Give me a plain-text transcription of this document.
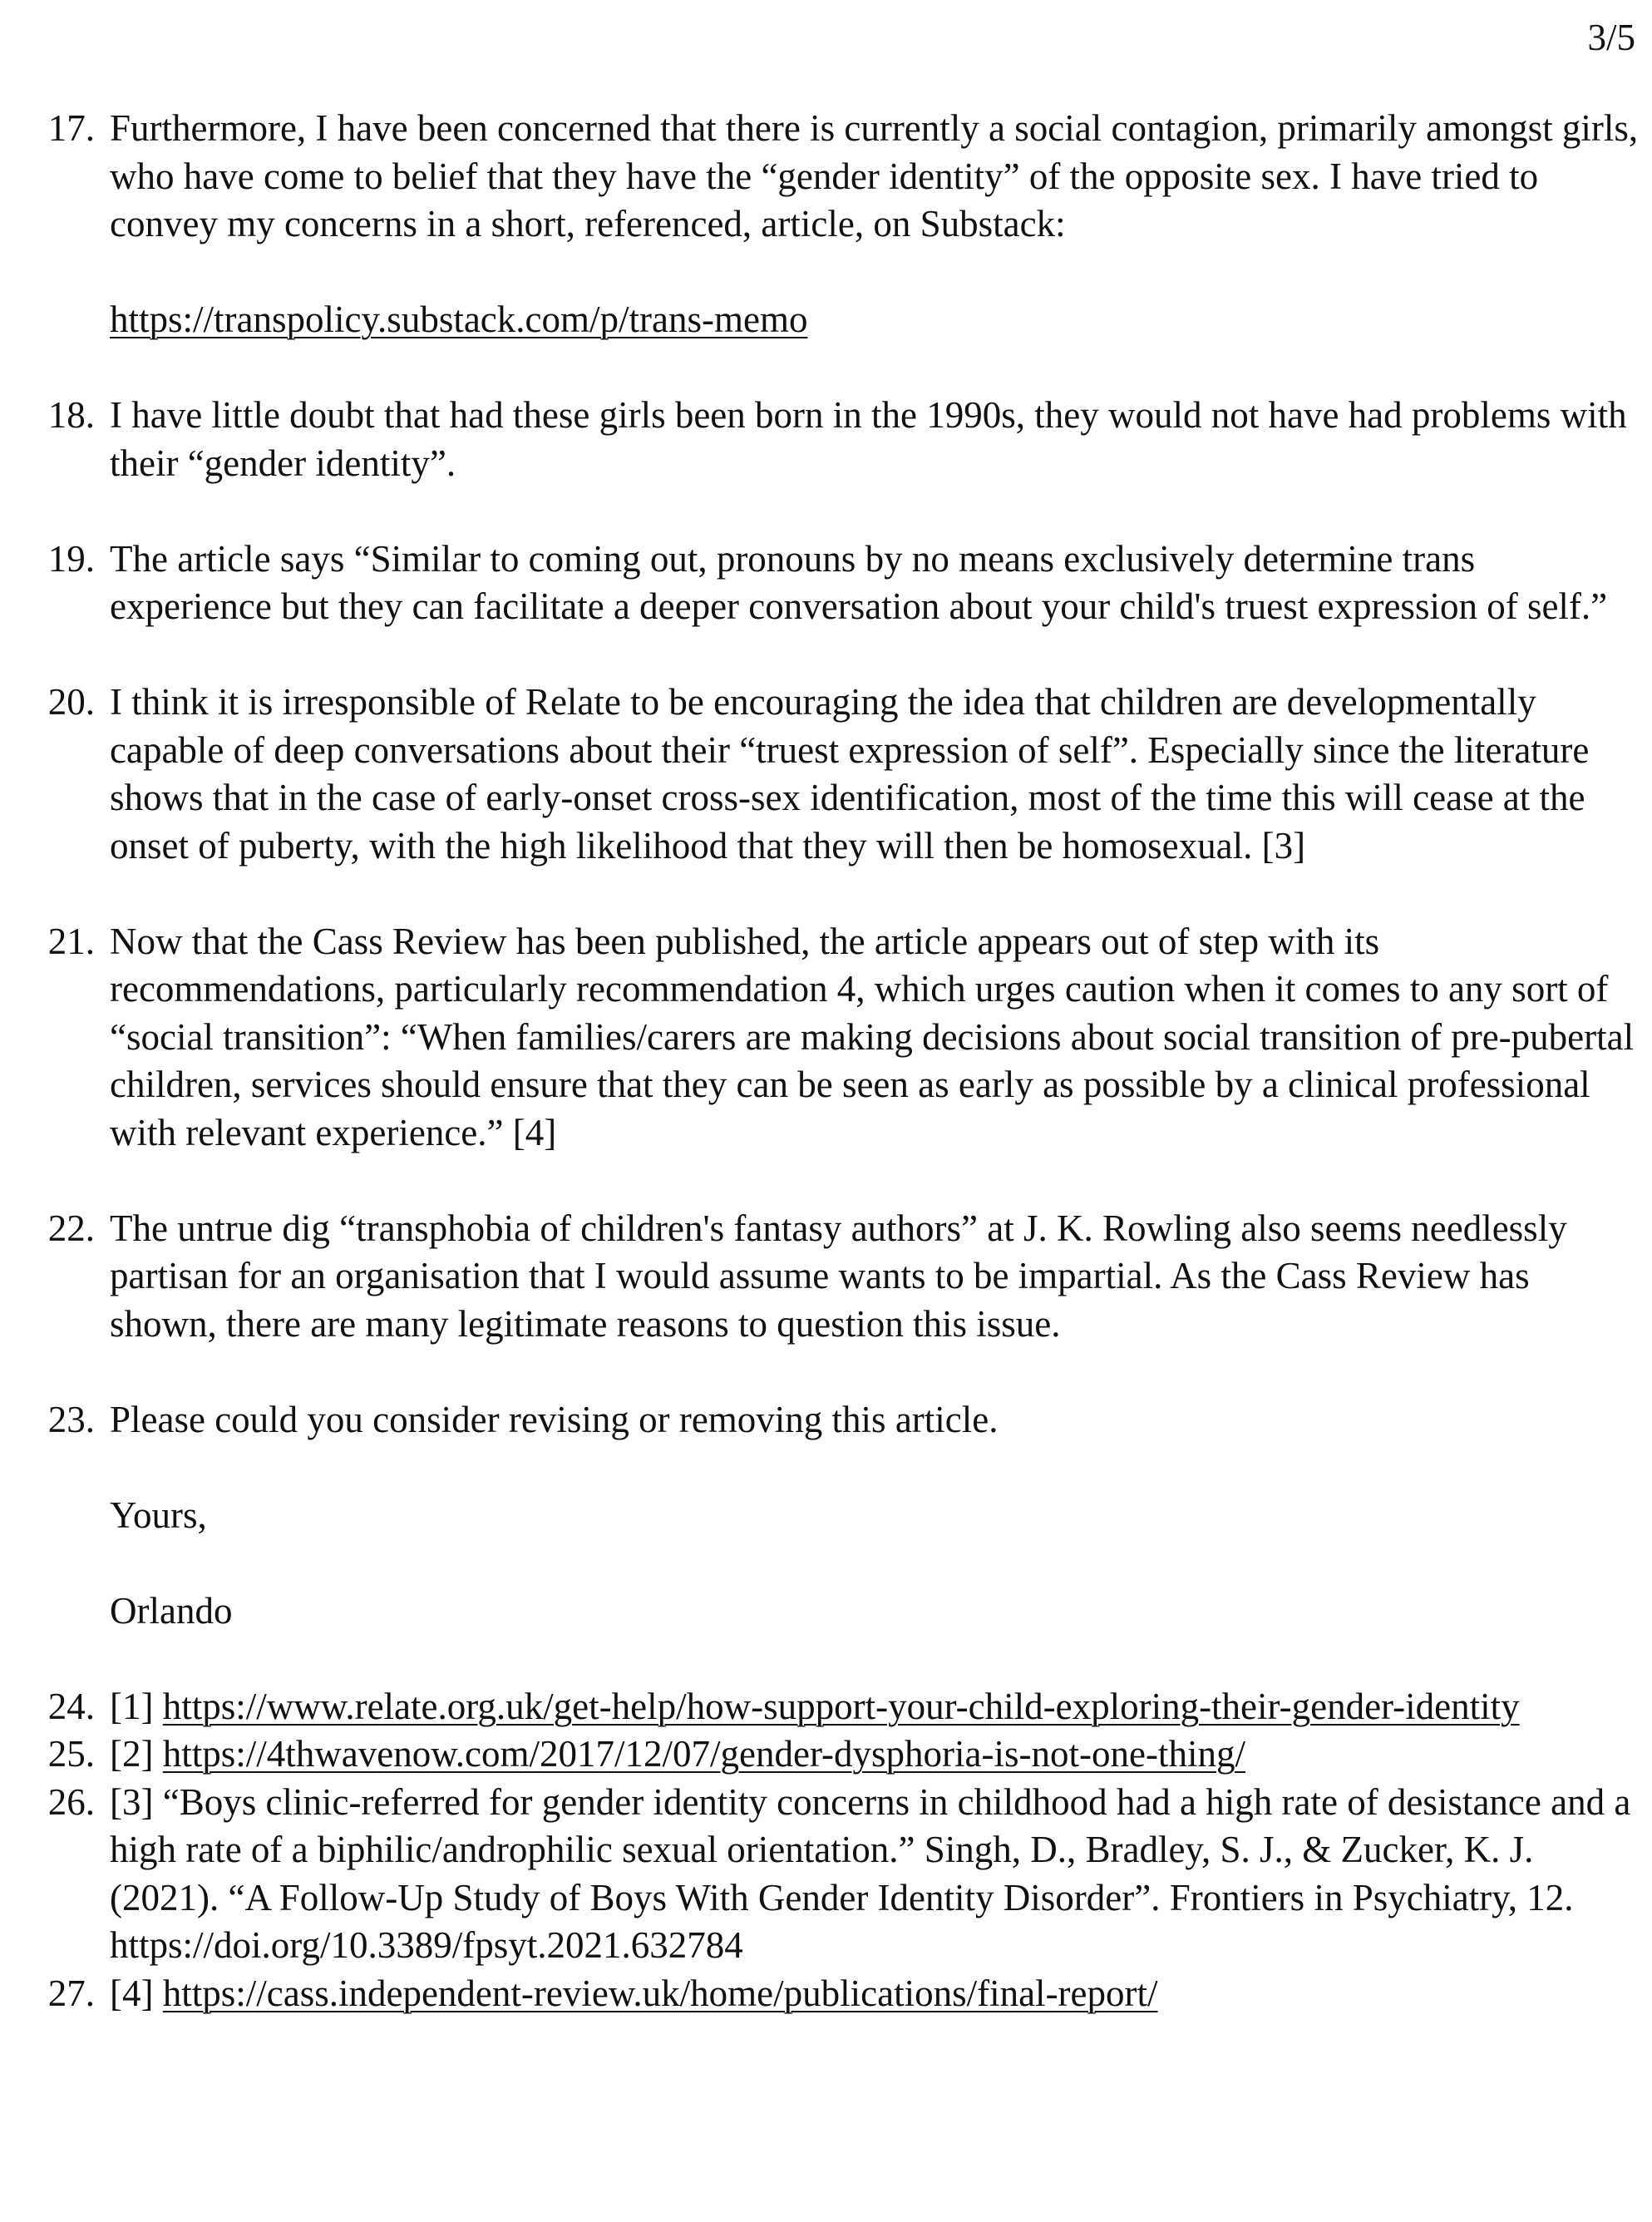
3/5
17. Furthermore, I have been concerned that there is currently a social contagion, primarily amongst girls, who have come to belief that they have the “gender identity” of the opposite sex. I have tried to convey my concerns in a short, referenced, article, on Substack:
https://transpolicy.substack.com/p/trans-memo
18. I have little doubt that had these girls been born in the 1990s, they would not have had problems with their “gender identity”.
19. The article says “Similar to coming out, pronouns by no means exclusively determine trans experience but they can facilitate a deeper conversation about your child's truest expression of self.”
20. I think it is irresponsible of Relate to be encouraging the idea that children are developmentally capable of deep conversations about their “truest expression of self”. Especially since the literature shows that in the case of early-onset cross-sex identification, most of the time this will cease at the onset of puberty, with the high likelihood that they will then be homosexual. [3]
21. Now that the Cass Review has been published, the article appears out of step with its recommendations, particularly recommendation 4, which urges caution when it comes to any sort of “social transition”: “When families/carers are making decisions about social transition of pre-pubertal children, services should ensure that they can be seen as early as possible by a clinical professional with relevant experience.” [4]
22. The untrue dig “transphobia of children's fantasy authors” at J. K. Rowling also seems needlessly partisan for an organisation that I would assume wants to be impartial. As the Cass Review has shown, there are many legitimate reasons to question this issue.
23. Please could you consider revising or removing this article.
Yours,
Orlando
24. [1] https://www.relate.org.uk/get-help/how-support-your-child-exploring-their-gender-identity
25. [2] https://4thwavenow.com/2017/12/07/gender-dysphoria-is-not-one-thing/
26. [3] “Boys clinic-referred for gender identity concerns in childhood had a high rate of desistance and a high rate of a biphilic/androphilic sexual orientation.” Singh, D., Bradley, S. J., & Zucker, K. J. (2021). “A Follow-Up Study of Boys With Gender Identity Disorder”. Frontiers in Psychiatry, 12. https://doi.org/10.3389/fpsyt.2021.632784
27. [4] https://cass.independent-review.uk/home/publications/final-report/
